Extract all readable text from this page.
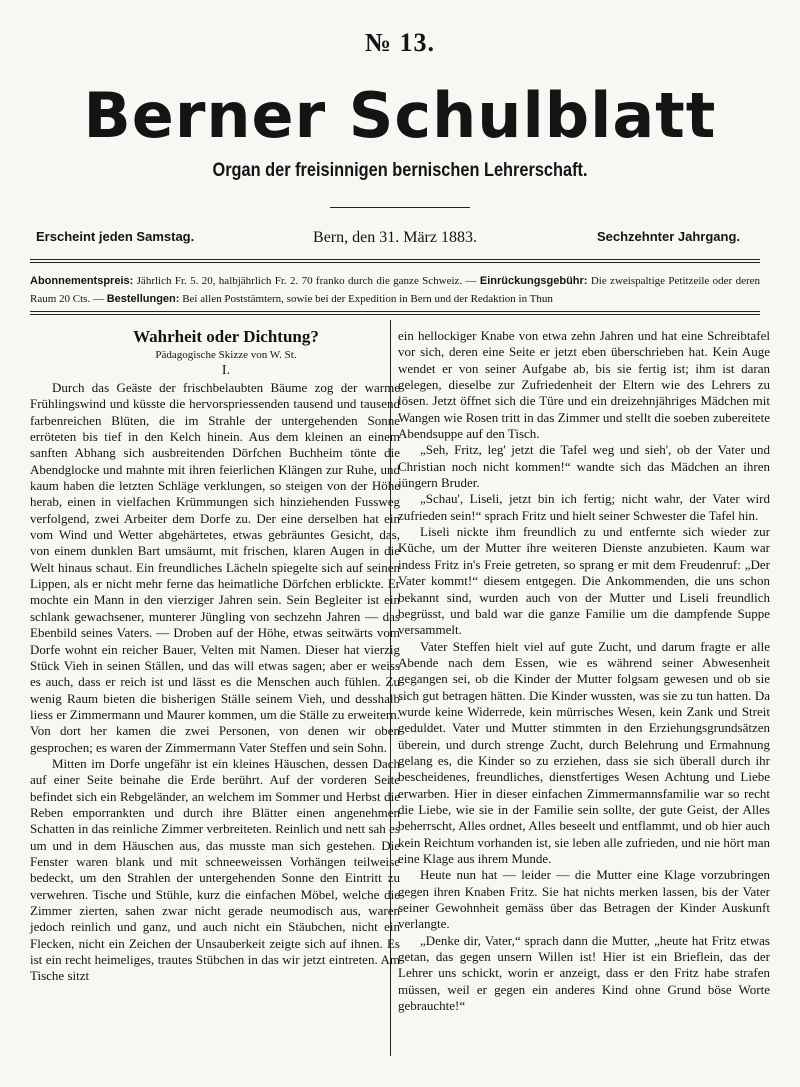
№ 13.
Berner Schulblatt
Organ der freisinnigen bernischen Lehrerschaft.
Erscheint jeden Samstag.	Bern, den 31. März 1883.	Sechzehnter Jahrgang.
Abonnementspreis: Jährlich Fr. 5. 20, halbjährlich Fr. 2. 70 franko durch die ganze Schweiz. — Einrückungsgebühr: Die zweispaltige Petitzeile oder deren Raum 20 Cts. — Bestellungen: Bei allen Poststämtern, sowie bei der Expedition in Bern und der Redaktion in Thun

Wahrheit oder Dichtung?

Pädagogische Skizze von W. St.

I.

Durch das Geäste der frischbelaubten Bäume zog der warme Frühlingswind und küsste die hervorspriessenden tausend und tausend farbenreichen Blüten, die im Strahle der untergehenden Sonne erröteten bis tief in den Kelch hinein. Aus dem kleinen an einem sanften Abhang sich ausbreitenden Dörfchen Buchheim tönte die Abendglocke und mahnte mit ihren feierlichen Klängen zur Ruhe, und kaum haben die letzten Schläge verklungen, so steigen von der Höhe herab, einen in vielfachen Krümmungen sich hinziehenden Fussweg verfolgend, zwei Arbeiter dem Dorfe zu. Der eine derselben hat ein vom Wind und Wetter abgehärtetes, etwas gebräuntes Gesicht, das, von einem dunklen Bart umsäumt, mit frischen, klaren Augen in die Welt hinaus schaut. Ein freundliches Lächeln spiegelte sich auf seinen Lippen, als er nicht mehr ferne das heimatliche Dörfchen erblickte. Er mochte ein Mann in den vierziger Jahren sein. Sein Begleiter ist ein schlank gewachsener, munterer Jüngling von sechzehn Jahren — das Ebenbild seines Vaters. — Droben auf der Höhe, etwas seitwärts vom Dorfe wohnt ein reicher Bauer, Velten mit Namen. Dieser hat vierzig Stück Vieh in seinen Ställen, und das will etwas sagen; aber er weiss es auch, dass er reich ist und lässt es die Menschen auch fühlen. Zu wenig Raum bieten die bisherigen Ställe seinem Vieh, und desshalb liess er Zimmermann und Maurer kommen, um die Ställe zu erweitern. Von dort her kamen die zwei Personen, von denen wir oben gesprochen; es waren der Zimmermann Vater Steffen und sein Sohn.

Mitten im Dorfe ungefähr ist ein kleines Häuschen, dessen Dach auf einer Seite beinahe die Erde berührt. Auf der vorderen Seite befindet sich ein Rebgeländer, an welchem im Sommer und Herbst die Reben emporrankten und durch ihre Blätter einen angenehmen Schatten in das reinliche Zimmer verbreiteten. Reinlich und nett sah es um und in dem Häuschen aus, das musste man sich gestehen. Die Fenster waren blank und mit schneeweissen Vorhängen teilweise bedeckt, um den Strahlen der untergehenden Sonne den Eintritt zu verwehren. Tische und Stühle, kurz die einfachen Möbel, welche die Zimmer zierten, sahen zwar nicht gerade neumodisch aus, waren jedoch reinlich und ganz, und auch nicht ein Stäubchen, nicht ein Flecken, nicht ein Zeichen der Unsauberkeit zeigte sich auf ihnen. Es ist ein recht heimeliges, trautes Stübchen in das wir jetzt eintreten. Am Tische sitzt

ein hellockiger Knabe von etwa zehn Jahren und hat eine Schreibtafel vor sich, deren eine Seite er jetzt eben überschrieben hat. Kein Auge wendet er von seiner Aufgabe ab, bis sie fertig ist; ihm ist daran gelegen, dieselbe zur Zufriedenheit der Eltern wie des Lehrers zu lösen. Jetzt öffnet sich die Türe und ein dreizehnjähriges Mädchen mit Wangen wie Rosen tritt in das Zimmer und stellt die soeben zubereitete Abendsuppe auf den Tisch.

„Seh, Fritz, leg' jetzt die Tafel weg und sieh', ob der Vater und Christian noch nicht kommen!“ wandte sich das Mädchen an ihren jüngern Bruder.

„Schau', Liseli, jetzt bin ich fertig; nicht wahr, der Vater wird zufrieden sein!“ sprach Fritz und hielt seiner Schwester die Tafel hin.

Liseli nickte ihm freundlich zu und entfernte sich wieder zur Küche, um der Mutter ihre weiteren Dienste anzubieten. Kaum war indess Fritz in's Freie getreten, so sprang er mit dem Freudenruf: „Der Vater kommt!“ diesem entgegen. Die Ankommenden, die uns schon bekannt sind, wurden auch von der Mutter und Liseli freundlich begrüsst, und bald war die ganze Familie um die dampfende Suppe versammelt.

Vater Steffen hielt viel auf gute Zucht, und darum fragte er alle Abende nach dem Essen, wie es während seiner Abwesenheit gegangen sei, ob die Kinder der Mutter folgsam gewesen und ob sie sich gut betragen hätten. Die Kinder wussten, was sie zu tun hatten. Da wurde keine Widerrede, kein mürrisches Wesen, kein Zank und Streit geduldet. Vater und Mutter stimmten in den Erziehungsgrundsätzen überein, und durch strenge Zucht, durch Belehrung und Ermahnung gelang es, die Kinder so zu erziehen, dass sie sich überall durch ihr bescheidenes, freundliches, dienstfertiges Wesen Achtung und Liebe erwarben. Hier in dieser einfachen Zimmermannsfamilie war so recht die Liebe, wie sie in der Familie sein sollte, der gute Geist, der Alles beherrscht, Alles ordnet, Alles beseelt und entflammt, und ob hier auch kein Reichtum vorhanden ist, sie leben alle zufrieden, und nie hört man eine Klage aus ihrem Munde.

Heute nun hat — leider — die Mutter eine Klage vorzubringen gegen ihren Knaben Fritz. Sie hat nichts merken lassen, bis der Vater seiner Gewohnheit gemäss über das Betragen der Kinder Auskunft verlangte.

„Denke dir, Vater,“ sprach dann die Mutter, „heute hat Fritz etwas getan, das gegen unsern Willen ist! Hier ist ein Brieflein, das der Lehrer uns schickt, worin er anzeigt, dass er den Fritz habe strafen müssen, weil er gegen ein anderes Kind ohne Grund böse Worte gebrauchte!“
